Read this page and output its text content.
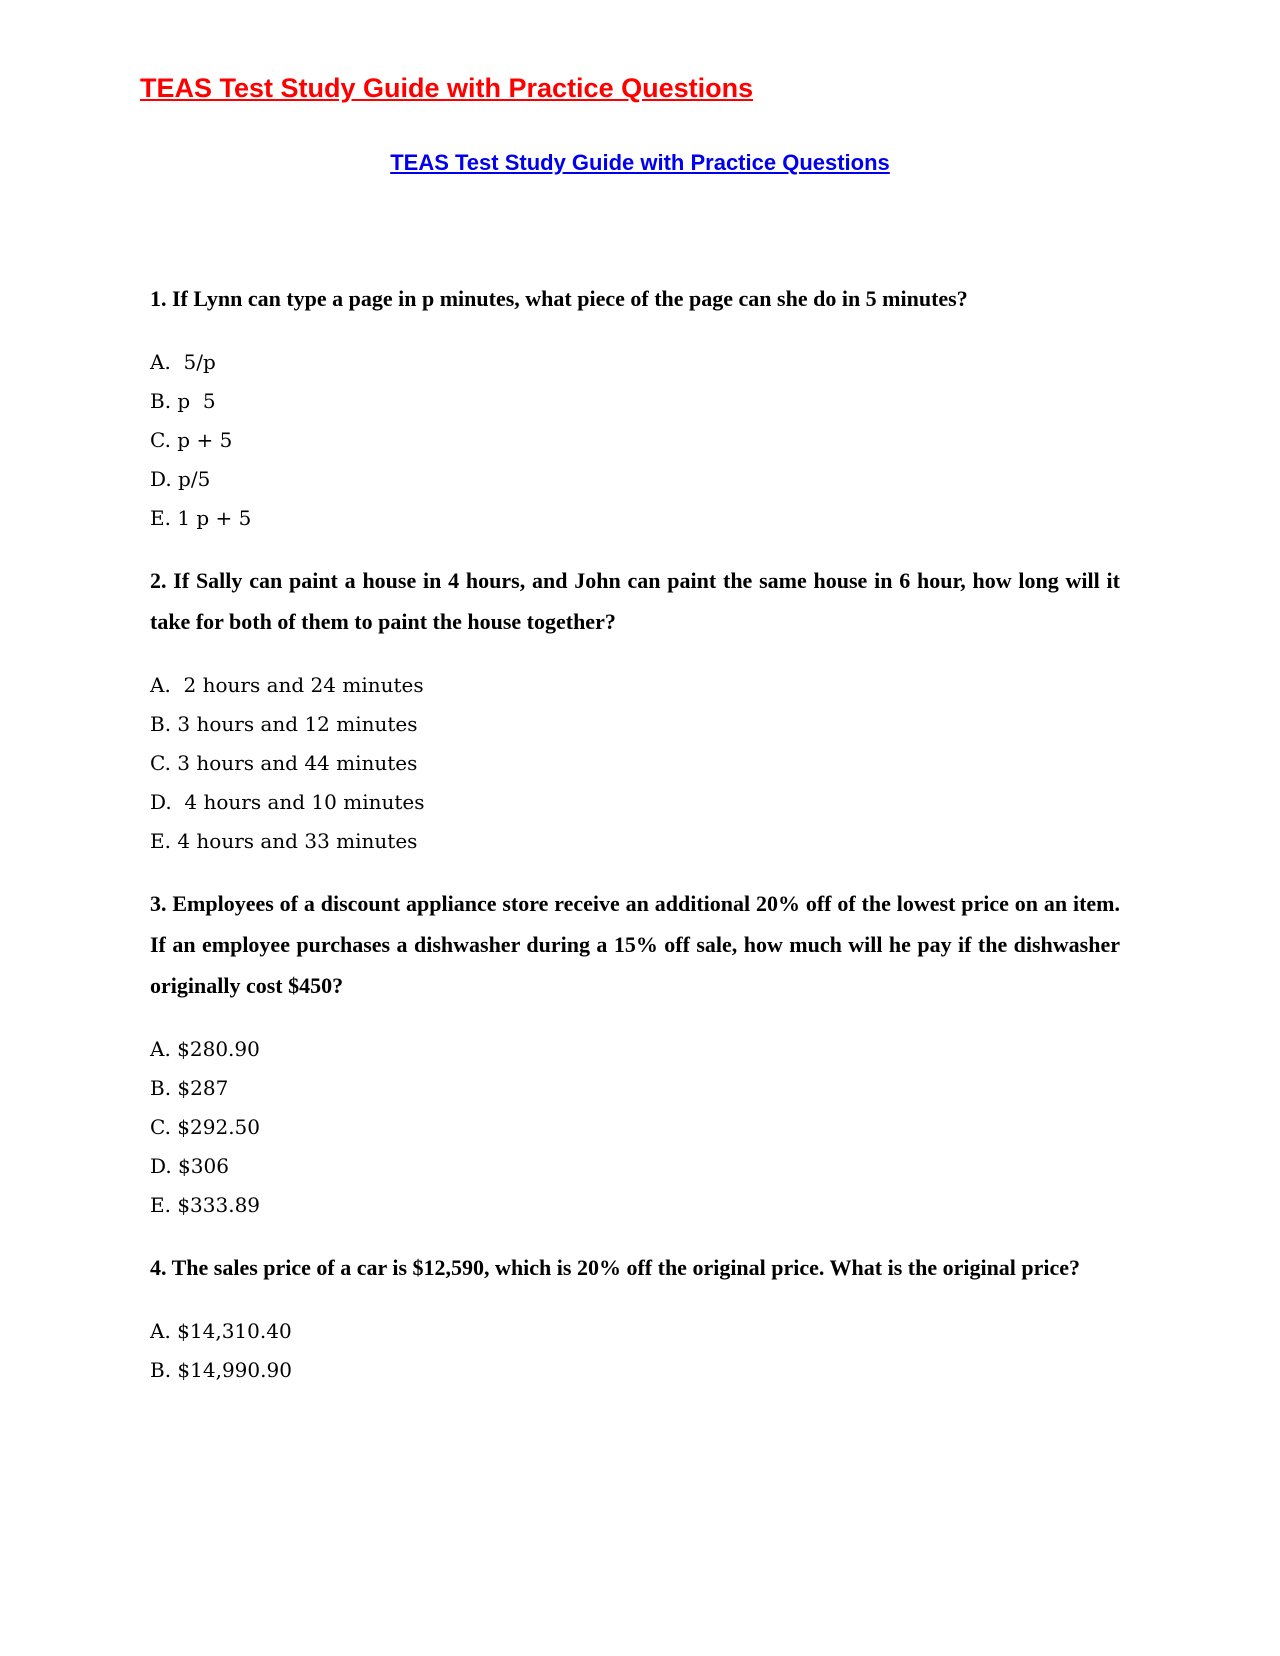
TEAS Test Study Guide with Practice Questions
TEAS Test Study Guide with Practice Questions

1. If Lynn can type a page in p minutes, what piece of the page can she do in 5 minutes?

A.  5/p
B. p  5
C. p + 5
D. p/5
E. 1 p + 5

2. If Sally can paint a house in 4 hours, and John can paint the same house in 6 hour, how long will it take for both of them to paint the house together?

A.  2 hours and 24 minutes
B. 3 hours and 12 minutes
C. 3 hours and 44 minutes
D.  4 hours and 10 minutes
E. 4 hours and 33 minutes

3. Employees of a discount appliance store receive an additional 20% off of the lowest price on an item. If an employee purchases a dishwasher during a 15% off sale, how much will he pay if the dishwasher originally cost $450?

A. $280.90
B. $287
C. $292.50
D. $306
E. $333.89

4. The sales price of a car is $12,590, which is 20% off the original price. What is the original price?

A. $14,310.40
B. $14,990.90
